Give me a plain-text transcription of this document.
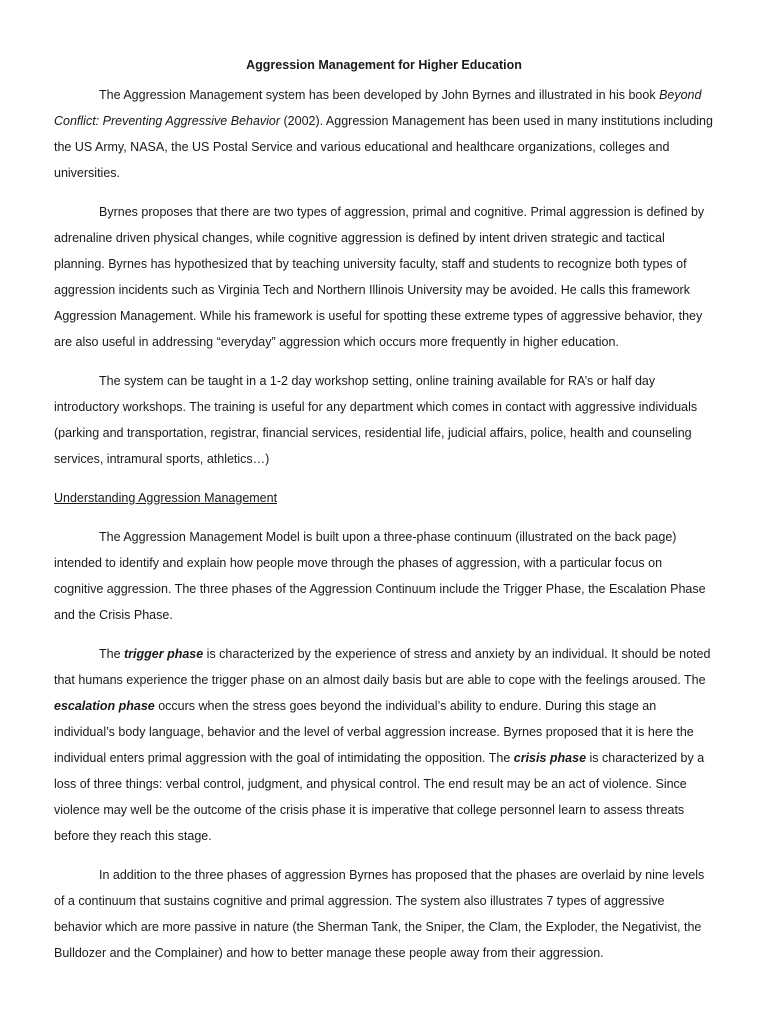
Aggression Management for Higher Education

The Aggression Management system has been developed by John Byrnes and illustrated in his book Beyond Conflict: Preventing Aggressive Behavior (2002). Aggression Management has been used in many institutions including the US Army, NASA, the US Postal Service and various educational and healthcare organizations, colleges and universities.

Byrnes proposes that there are two types of aggression, primal and cognitive. Primal aggression is defined by adrenaline driven physical changes, while cognitive aggression is defined by intent driven strategic and tactical planning. Byrnes has hypothesized that by teaching university faculty, staff and students to recognize both types of aggression incidents such as Virginia Tech and Northern Illinois University may be avoided. He calls this framework Aggression Management. While his framework is useful for spotting these extreme types of aggressive behavior, they are also useful in addressing “everyday” aggression which occurs more frequently in higher education.

The system can be taught in a 1-2 day workshop setting, online training available for RA’s or half day introductory workshops. The training is useful for any department which comes in contact with aggressive individuals (parking and transportation, registrar, financial services, residential life, judicial affairs, police, health and counseling services, intramural sports, athletics…)

Understanding Aggression Management

The Aggression Management Model is built upon a three-phase continuum (illustrated on the back page) intended to identify and explain how people move through the phases of aggression, with a particular focus on cognitive aggression. The three phases of the Aggression Continuum include the Trigger Phase, the Escalation Phase and the Crisis Phase.

The trigger phase is characterized by the experience of stress and anxiety by an individual. It should be noted that humans experience the trigger phase on an almost daily basis but are able to cope with the feelings aroused. The escalation phase occurs when the stress goes beyond the individual’s ability to endure. During this stage an individual’s body language, behavior and the level of verbal aggression increase. Byrnes proposed that it is here the individual enters primal aggression with the goal of intimidating the opposition. The crisis phase is characterized by a loss of three things: verbal control, judgment, and physical control. The end result may be an act of violence. Since violence may well be the outcome of the crisis phase it is imperative that college personnel learn to assess threats before they reach this stage.

In addition to the three phases of aggression Byrnes has proposed that the phases are overlaid by nine levels of a continuum that sustains cognitive and primal aggression. The system also illustrates 7 types of aggressive behavior which are more passive in nature (the Sherman Tank, the Sniper, the Clam, the Exploder, the Negativist, the Bulldozer and the Complainer) and how to better manage these people away from their aggression.
